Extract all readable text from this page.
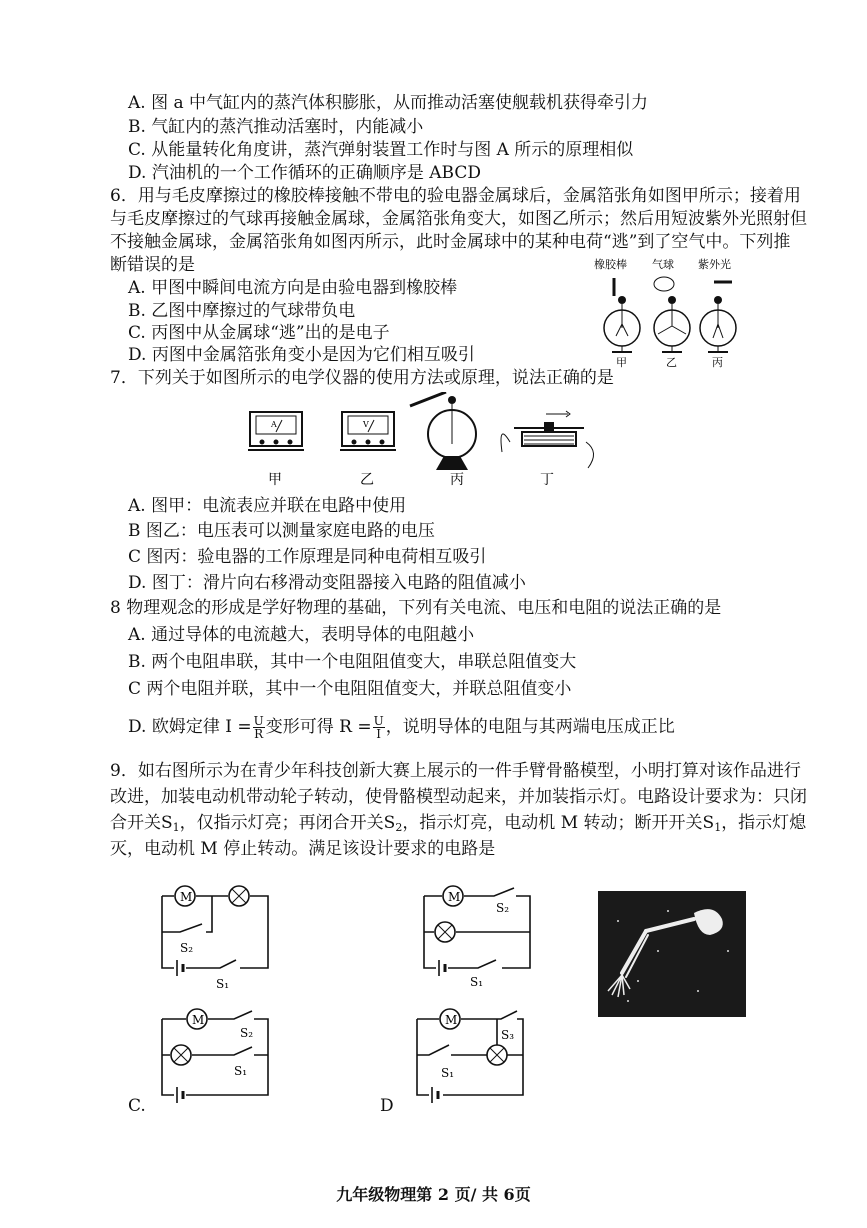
A. 图 a 中气缸内的蒸汽体积膨胀，从而推动活塞使舰载机获得牵引力
B. 气缸内的蒸汽推动活塞时，内能减小
C. 从能量转化角度讲，蒸汽弹射装置工作时与图 A 所示的原理相似
D. 汽油机的一个工作循环的正确顺序是 ABCD
6．用与毛皮摩擦过的橡胶棒接触不带电的验电器金属球后，金属箔张角如图甲所示；接着用
与毛皮摩擦过的气球再接触金属球，金属箔张角变大，如图乙所示；然后用短波紫外光照射但
不接触金属球，金属箔张角如图丙所示，此时金属球中的某种电荷“逃”到了空气中。下列推
断错误的是
A. 甲图中瞬间电流方向是由验电器到橡胶棒
B. 乙图中摩擦过的气球带负电
C. 丙图中从金属球“逃”出的是电子
D. 丙图中金属箔张角变小是因为它们相互吸引
橡胶棒 气球 紫外光
甲	乙	丙
7．下列关于如图所示的电学仪器的使用方法或原理，说法正确的是
A	V
甲	乙	丙	丁
A. 图甲：电流表应并联在电路中使用
B 图乙：电压表可以测量家庭电路的电压
C 图丙：验电器的工作原理是同种电荷相互吸引
D. 图丁：滑片向右移滑动变阻器接入电路的阻值减小
8 物理观念的形成是学好物理的基础，下列有关电流、电压和电阻的说法正确的是
A. 通过导体的电流越大，表明导体的电阻越小
B. 两个电阻串联，其中一个电阻阻值变大，串联总阻值变大
C 两个电阻并联，其中一个电阻阻值变大，并联总阻值变小
D. 欧姆定律 $I = \frac{U}{R}$ 变形可得 $R = \frac{U}{I}$ ，说明导体的电阻与其两端电压成正比
9．如右图所示为在青少年科技创新大赛上展示的一件手臂骨骼模型，小明打算对该作品进行
改进，加装电动机带动轮子转动，使骨骼模型动起来，并加装指示灯。电路设计要求为：只闭
合开关$S_1$，仅指示灯亮；再闭合开关$S_2$，指示灯亮，电动机 M 转动；断开开关$S_1$，指示灯熄
灭，电动机 M 停止转动。满足该设计要求的电路是
M
S₂
S₁
M
S₂
S₁
M
S₂
S₁
C.
M
S₃
S₁
D
九年级物理第 2 页/ 共 6页
